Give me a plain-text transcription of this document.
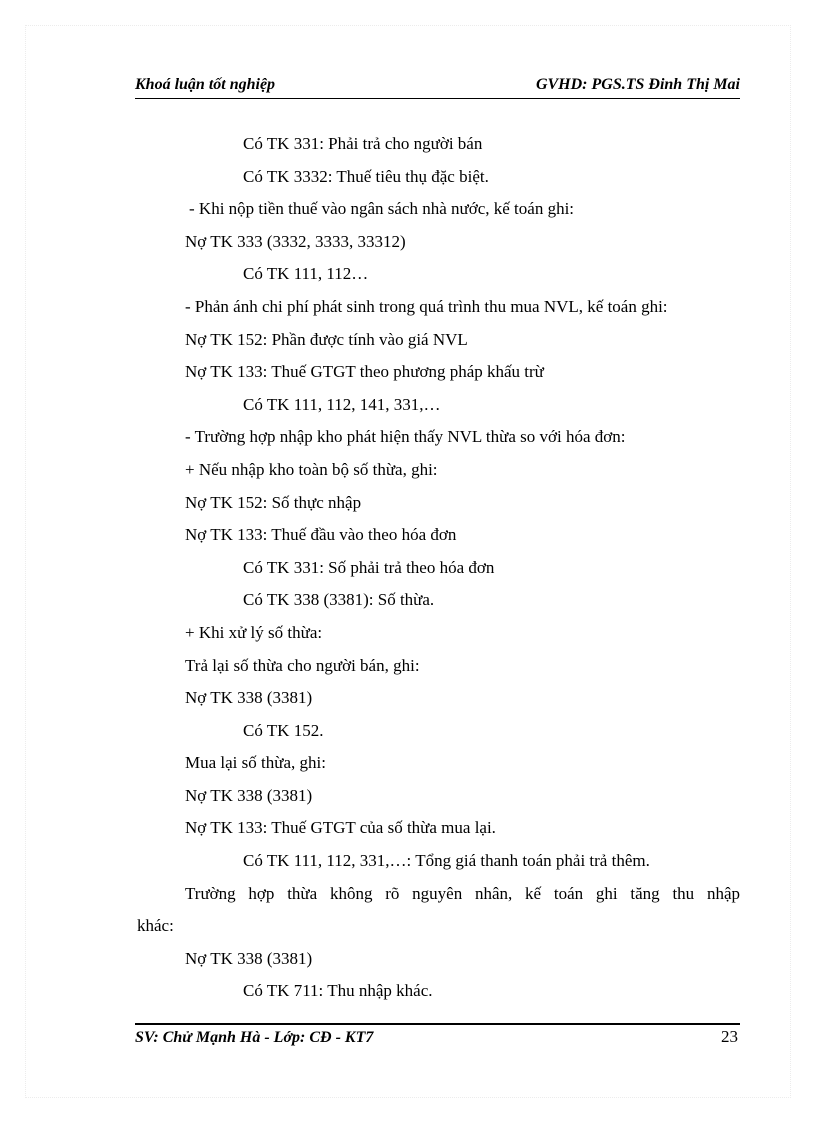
Khoá luận tốt nghiệp	GVHD: PGS.TS Đinh Thị Mai
Có TK 331: Phải trả cho người bán
Có TK 3332: Thuế tiêu thụ đặc biệt.
- Khi nộp tiền thuế vào ngân sách nhà nước, kế toán ghi:
Nợ TK 333 (3332, 3333, 33312)
Có TK 111, 112…
- Phản ánh chi phí phát sinh trong quá trình thu mua NVL, kế toán ghi:
Nợ TK 152: Phần được tính vào giá NVL
Nợ TK 133: Thuế GTGT theo phương pháp khấu trừ
Có TK 111, 112, 141, 331,…
- Trường hợp nhập kho phát hiện thấy NVL thừa so với hóa đơn:
+ Nếu nhập kho toàn bộ số thừa, ghi:
Nợ TK 152: Số thực nhập
Nợ TK 133: Thuế đầu vào theo hóa đơn
Có TK 331: Số phải trả theo hóa đơn
Có TK 338 (3381): Số thừa.
+ Khi xử lý số thừa:
Trả lại số thừa cho người bán, ghi:
Nợ TK 338 (3381)
Có TK 152.
Mua lại số thừa, ghi:
Nợ TK 338 (3381)
Nợ TK 133: Thuế GTGT của số thừa mua lại.
Có TK 111, 112, 331,…: Tổng giá thanh toán phải trả thêm.
Trường hợp thừa không rõ nguyên nhân, kế toán ghi tăng thu nhập
khác:
Nợ TK 338 (3381)
Có TK 711: Thu nhập khác.
SV: Chử Mạnh Hà - Lớp: CĐ - KT7	23
